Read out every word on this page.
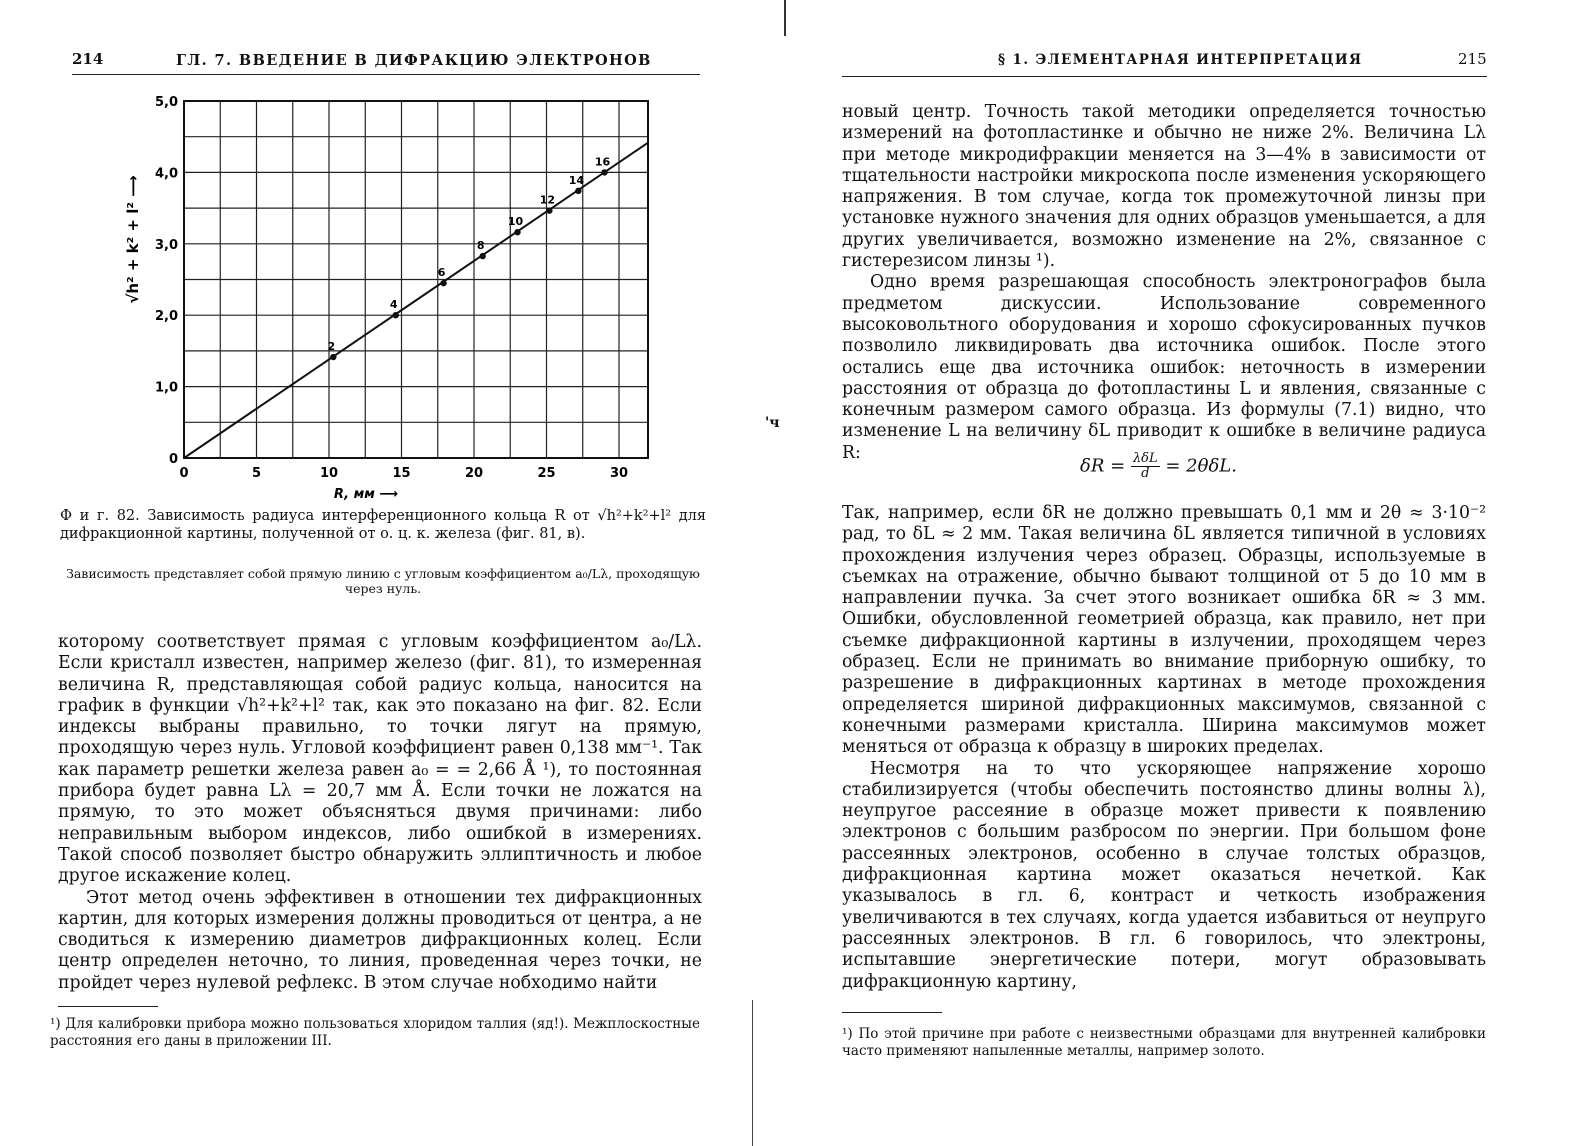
214	ГЛ. 7. ВВЕДЕНИЕ В ДИФРАКЦИЮ ЭЛЕКТРОНОВ
2
4
6
8
10
12
14
16
0
1,0
2,0
3,0
4,0
5,0
0	5	10	15	20	25	30
√h² + k² + l² ⟶
R, мм ⟶
Ф и г. 82. Зависимость радиуса интерференционного кольца R от √h²+k²+l² для дифракционной картины, полученной от о. ц. к. железа (фиг. 81, в).
Зависимость представляет собой прямую линию с угловым коэффициентом a₀/Lλ, проходящую через нуль.

которому соответствует прямая с угловым коэффициентом a₀/Lλ. Если кристалл известен, например железо (фиг. 81), то измеренная величина R, представляющая собой радиус кольца, наносится на график в функции √h²+k²+l² так, как это показано на фиг. 82. Если индексы выбраны правильно, то точки лягут на прямую, проходящую через нуль. Угловой коэффициент равен 0,138 мм⁻¹. Так как параметр решетки железа равен a₀ = = 2,66 Å ¹), то постоянная прибора будет равна Lλ = 20,7 мм Å. Если точки не ложатся на прямую, то это может объясняться двумя причинами: либо неправильным выбором индексов, либо ошибкой в измерениях. Такой способ позволяет быстро обнаружить эллиптичность и любое другое искажение колец.

Этот метод очень эффективен в отношении тех дифракционных картин, для которых измерения должны проводиться от центра, а не сводиться к измерению диаметров дифракционных колец. Если центр определен неточно, то линия, проведенная через точки, не пройдет через нулевой рефлекс. В этом случае нобходимо найти

¹) Для калибровки прибора можно пользоваться хлоридом таллия (яд!). Межплоскостные расстояния его даны в приложении III.
'ч
§ 1. ЭЛЕМЕНТАРНАЯ ИНТЕРПРЕТАЦИЯ	215

новый центр. Точность такой методики определяется точностью измерений на фотопластинке и обычно не ниже 2%. Величина Lλ при методе микродифракции меняется на 3—4% в зависимости от тщательности настройки микроскопа после изменения ускоряющего напряжения. В том случае, когда ток промежуточной линзы при установке нужного значения для одних образцов уменьшается, а для других увеличивается, возможно изменение на 2%, связанное с гистерезисом линзы ¹).

Одно время разрешающая способность электронографов была предметом дискуссии. Использование современного высоковольтного оборудования и хорошо сфокусированных пучков позволило ликвидировать два источника ошибок. После этого остались еще два источника ошибок: неточность в измерении расстояния от образца до фотопластины L и явления, связанные с конечным размером самого образца. Из формулы (7.1) видно, что изменение L на величину δL приводит к ошибке в величине радиуса R:

$\delta R = \frac{\text{λδL}}{d} = 2\theta\delta L$.

Так, например, если δR не должно превышать 0,1 мм и 2θ ≈ 3·10⁻² рад, то δL ≈ 2 мм. Такая величина δL является типичной в условиях прохождения излучения через образец. Образцы, используемые в съемках на отражение, обычно бывают толщиной от 5 до 10 мм в направлении пучка. За счет этого возникает ошибка δR ≈ 3 мм. Ошибки, обусловленной геометрией образца, как правило, нет при съемке дифракционной картины в излучении, проходящем через образец. Если не принимать во внимание приборную ошибку, то разрешение в дифракционных картинах в методе прохождения определяется шириной дифракционных максимумов, связанной с конечными размерами кристалла. Ширина максимумов может меняться от образца к образцу в широких пределах.

Несмотря на то что ускоряющее напряжение хорошо стабилизируется (чтобы обеспечить постоянство длины волны λ), неупругое рассеяние в образце может привести к появлению электронов с большим разбросом по энергии. При большом фоне рассеянных электронов, особенно в случае толстых образцов, дифракционная картина может оказаться нечеткой. Как указывалось в гл. 6, контраст и четкость изображения увеличиваются в тех случаях, когда удается избавиться от неупруго рассеянных электронов. В гл. 6 говорилось, что электроны, испытавшие энергетические потери, могут образовывать дифракционную картину,

¹) По этой причине при работе с неизвестными образцами для внутренней калибровки часто применяют напыленные металлы, например золото.
